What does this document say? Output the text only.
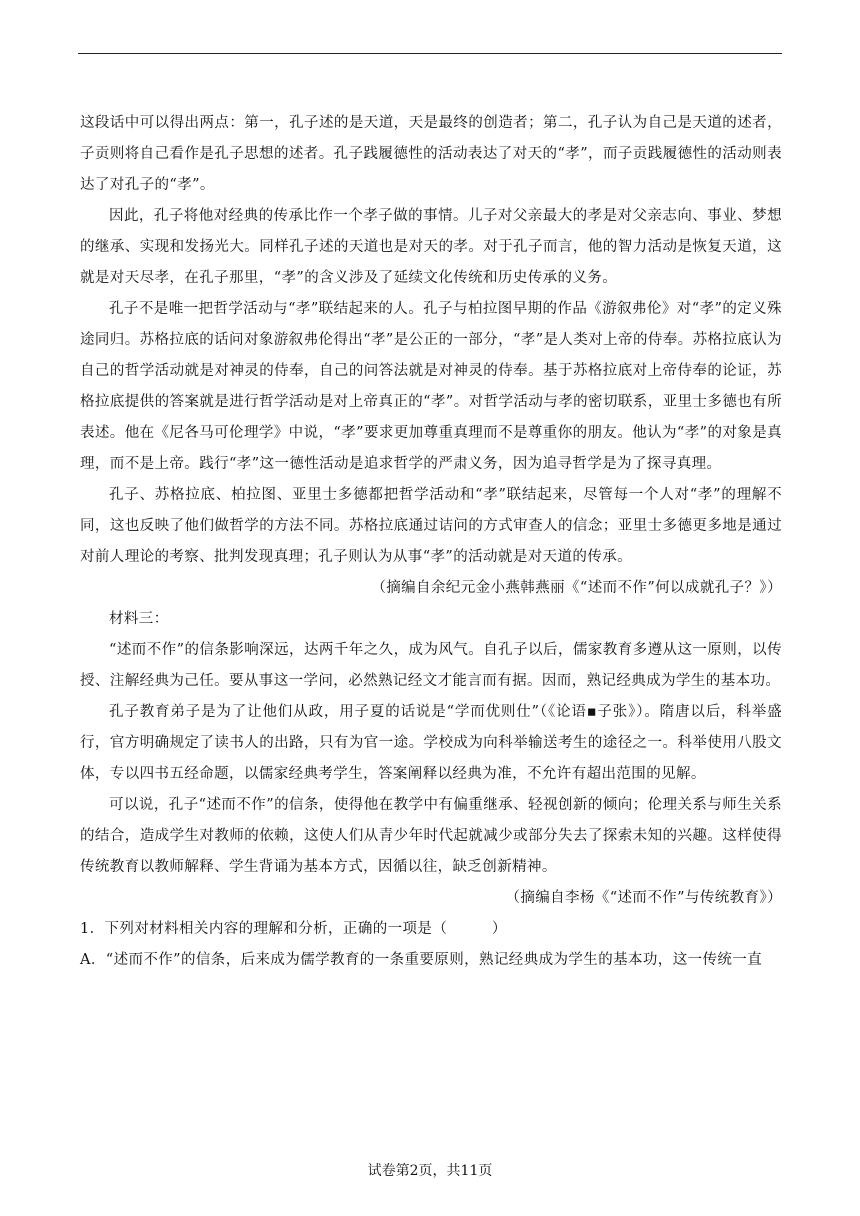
这段话中可以得出两点：第一，孔子述的是天道，天是最终的创造者；第二，孔子认为自己是天道的述者，子贡则将自己看作是孔子思想的述者。孔子践履德性的活动表达了对天的“孝”，而子贡践履德性的活动则表达了对孔子的“孝”。

因此，孔子将他对经典的传承比作一个孝子做的事情。儿子对父亲最大的孝是对父亲志向、事业、梦想的继承、实现和发扬光大。同样孔子述的天道也是对天的孝。对于孔子而言，他的智力活动是恢复天道，这就是对天尽孝，在孔子那里，“孝”的含义涉及了延续文化传统和历史传承的义务。

孔子不是唯一把哲学活动与“孝”联结起来的人。孔子与柏拉图早期的作品《游叙弗伦》对“孝”的定义殊途同归。苏格拉底的话问对象游叙弗伦得出“孝”是公正的一部分，“孝”是人类对上帝的侍奉。苏格拉底认为自己的哲学活动就是对神灵的侍奉，自己的问答法就是对神灵的侍奉。基于苏格拉底对上帝侍奉的论证，苏格拉底提供的答案就是进行哲学活动是对上帝真正的“孝”。对哲学活动与孝的密切联系，亚里士多德也有所表述。他在《尼各马可伦理学》中说，“孝”要求更加尊重真理而不是尊重你的朋友。他认为“孝”的对象是真理，而不是上帝。践行“孝”这一德性活动是追求哲学的严肃义务，因为追寻哲学是为了探寻真理。

孔子、苏格拉底、柏拉图、亚里士多德都把哲学活动和“孝”联结起来，尽管每一个人对“孝”的理解不同，这也反映了他们做哲学的方法不同。苏格拉底通过诘问的方式审查人的信念；亚里士多德更多地是通过对前人理论的考察、批判发现真理；孔子则认为从事“孝”的活动就是对天道的传承。

（摘编自余纪元金小燕韩燕丽《“述而不作”何以成就孔子？》）

材料三：

“述而不作”的信条影响深远，达两千年之久，成为风气。自孔子以后，儒家教育多遵从这一原则，以传授、注解经典为己任。要从事这一学问，必然熟记经文才能言而有据。因而，熟记经典成为学生的基本功。

孔子教育弟子是为了让他们从政，用子夏的话说是“学而优则仕”（《论语▪子张》）。隋唐以后，科举盛行，官方明确规定了读书人的出路，只有为官一途。学校成为向科举输送考生的途径之一。科举使用八股文体，专以四书五经命题，以儒家经典考学生，答案阐释以经典为准，不允许有超出范围的见解。

可以说，孔子“述而不作”的信条，使得他在教学中有偏重继承、轻视创新的倾向；伦理关系与师生关系的结合，造成学生对教师的依赖，这使人们从青少年时代起就减少或部分失去了探索未知的兴趣。这样使得传统教育以教师解释、学生背诵为基本方式，因循以往，缺乏创新精神。

（摘编自李杨《“述而不作”与传统教育》）

1．下列对材料相关内容的理解和分析，正确的一项是（　　　）

A．“述而不作”的信条，后来成为儒学教育的一条重要原则，熟记经典成为学生的基本功，这一传统一直

试卷第2页，共11页
